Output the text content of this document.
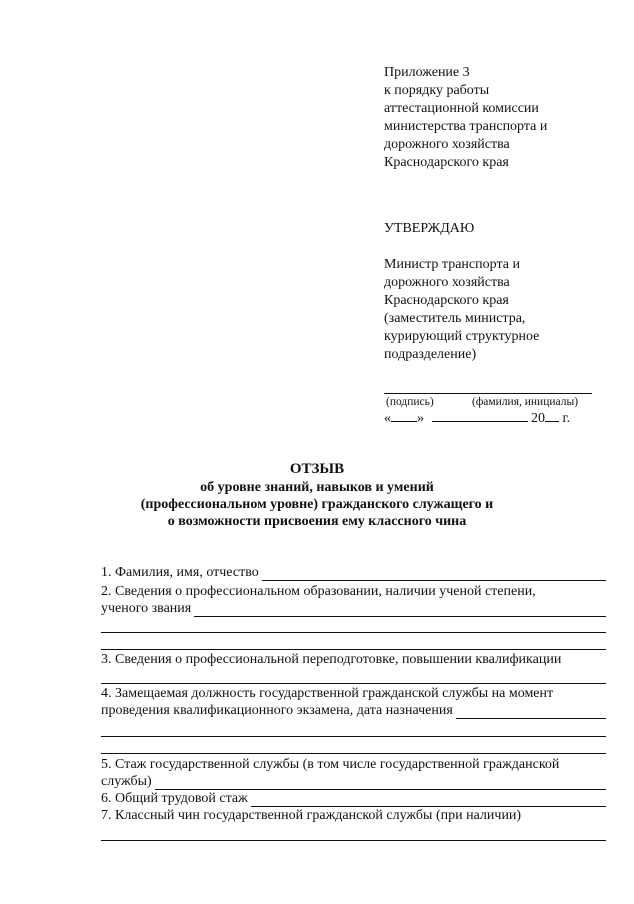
Приложение 3
к порядку работы
аттестационной комиссии
министерства транспорта и
дорожного хозяйства
Краснодарского края
УТВЕРЖДАЮ
Министр транспорта и
дорожного хозяйства
Краснодарского края
(заместитель министра,
курирующий структурное
подразделение)
(подпись)	(фамилия, инициалы)
« »	20 г.
ОТЗЫВ
об уровне знаний, навыков и умений
(профессиональном уровне) гражданского служащего и
о возможности присвоения ему классного чина
1. Фамилия, имя, отчество
2. Сведения о профессиональном образовании, наличии ученой степени,
ученого звания
3. Сведения о профессиональной переподготовке, повышении квалификации
4. Замещаемая должность государственной гражданской службы на момент
проведения квалификационного экзамена, дата назначения
5. Стаж государственной службы (в том числе государственной гражданской
службы)
6. Общий трудовой стаж
7. Классный чин государственной гражданской службы (при наличии)
